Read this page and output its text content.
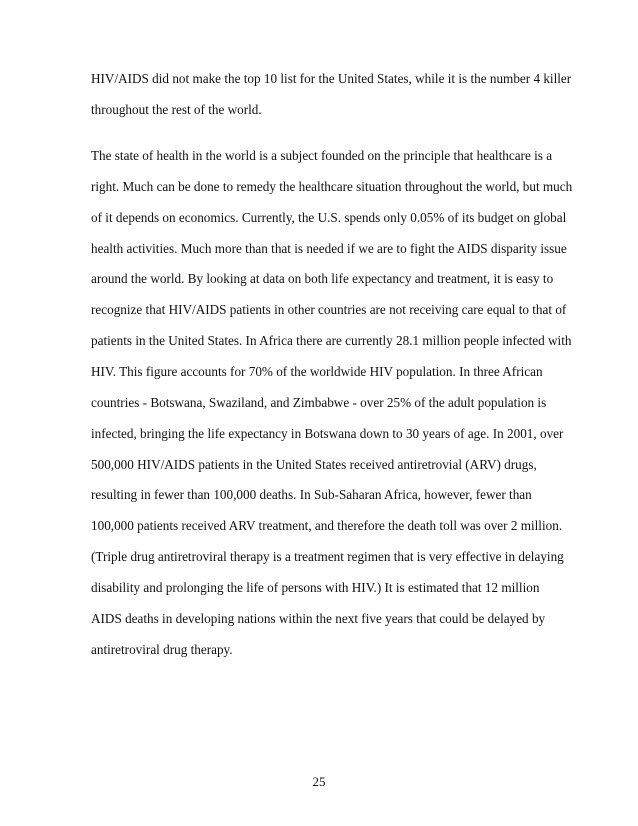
HIV/AIDS did not make the top 10 list for the United States, while it is the number 4 killer
throughout the rest of the world.
The state of health in the world is a subject founded on the principle that healthcare is a
right. Much can be done to remedy the healthcare situation throughout the world, but much
of it depends on economics. Currently, the U.S. spends only 0.05% of its budget on global
health activities. Much more than that is needed if we are to fight the AIDS disparity issue
around the world. By looking at data on both life expectancy and treatment, it is easy to
recognize that HIV/AIDS patients in other countries are not receiving care equal to that of
patients in the United States. In Africa there are currently 28.1 million people infected with
HIV. This figure accounts for 70% of the worldwide HIV population. In three African
countries - Botswana, Swaziland, and Zimbabwe - over 25% of the adult population is
infected, bringing the life expectancy in Botswana down to 30 years of age. In 2001, over
500,000 HIV/AIDS patients in the United States received antiretrovial (ARV) drugs,
resulting in fewer than 100,000 deaths. In Sub-Saharan Africa, however, fewer than
100,000 patients received ARV treatment, and therefore the death toll was over 2 million.
(Triple drug antiretroviral therapy is a treatment regimen that is very effective in delaying
disability and prolonging the life of persons with HIV.) It is estimated that 12 million
AIDS deaths in developing nations within the next five years that could be delayed by
antiretroviral drug therapy.
25
